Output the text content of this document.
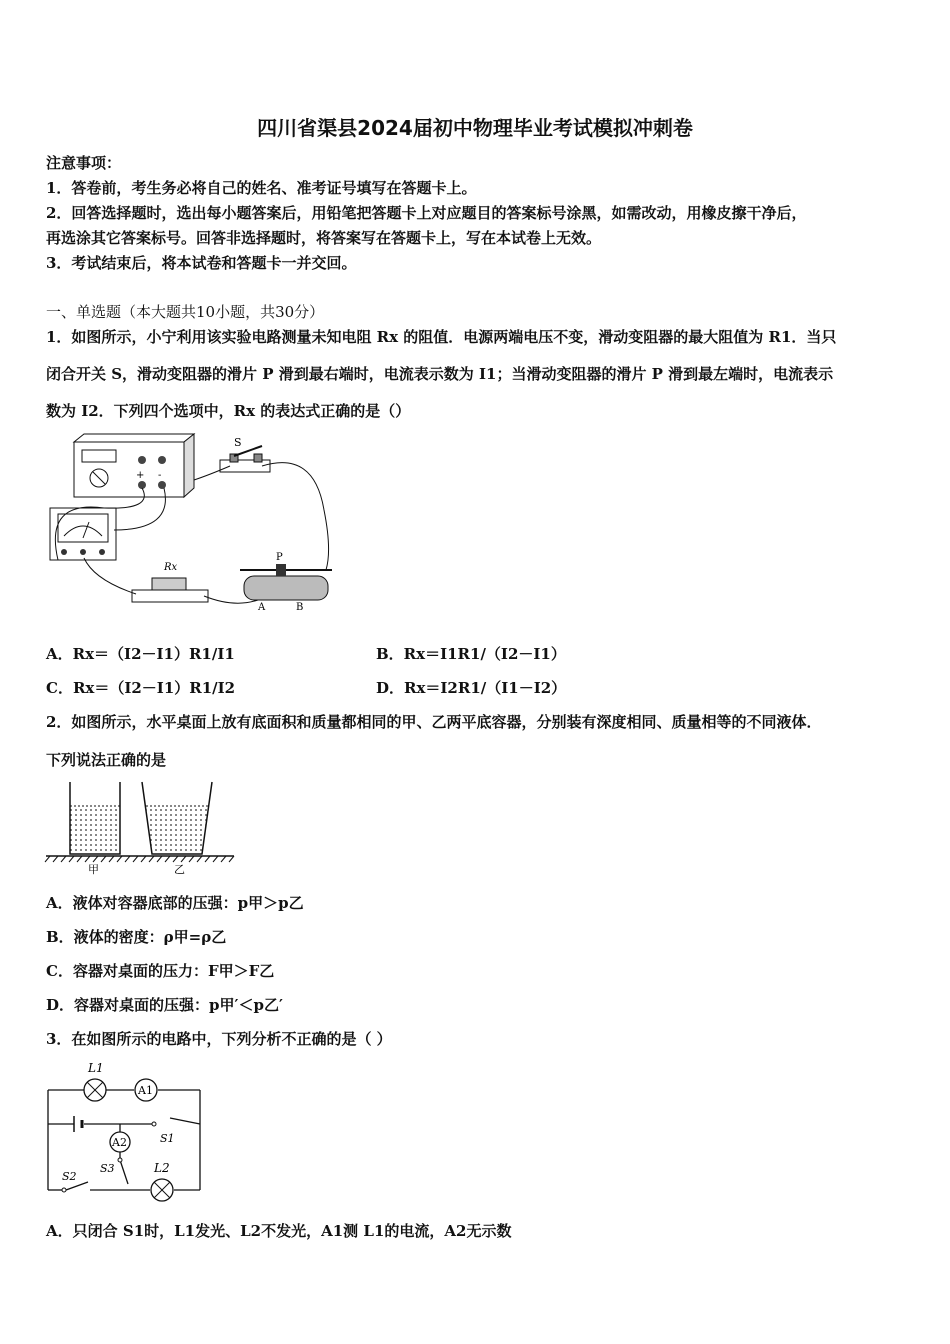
四川省渠县2024届初中物理毕业考试模拟冲刺卷
注意事项：
1．答卷前，考生务必将自己的姓名、准考证号填写在答题卡上。
2．回答选择题时，选出每小题答案后，用铅笔把答题卡上对应题目的答案标号涂黑，如需改动，用橡皮擦干净后，
再选涂其它答案标号。回答非选择题时，将答案写在答题卡上，写在本试卷上无效。
3．考试结束后，将本试卷和答题卡一并交回。
一、单选题（本大题共10小题，共30分）
1．如图所示，小宁利用该实验电路测量未知电阻 Rx 的阻值．电源两端电压不变，滑动变阻器的最大阻值为 R1．当只
闭合开关 S，滑动变阻器的滑片 P 滑到最右端时，电流表示数为 I1；当滑动变阻器的滑片 P 滑到最左端时，电流表示
数为 I2．下列四个选项中，Rx 的表达式正确的是（）
+ -
S
Rx
P
A	B
A．Rx＝（I2－I1）R1/I1	B．Rx＝I1R1/（I2－I1）
C．Rx＝（I2－I1）R1/I2	D．Rx＝I2R1/（I1－I2）
2．如图所示，水平桌面上放有底面积和质量都相同的甲、乙两平底容器，分别装有深度相同、质量相等的不同液体．
下列说法正确的是
甲	乙
A．液体对容器底部的压强：p甲＞p乙
B．液体的密度：ρ甲=ρ乙
C．容器对桌面的压力：F甲＞F乙
D．容器对桌面的压强：p甲′＜p乙′
3．在如图所示的电路中，下列分析不正确的是（ ）
L1
A1
S1
A2
S3
S2
L2
A．只闭合 S1时，L1发光、L2不发光，A1测 L1的电流，A2无示数
